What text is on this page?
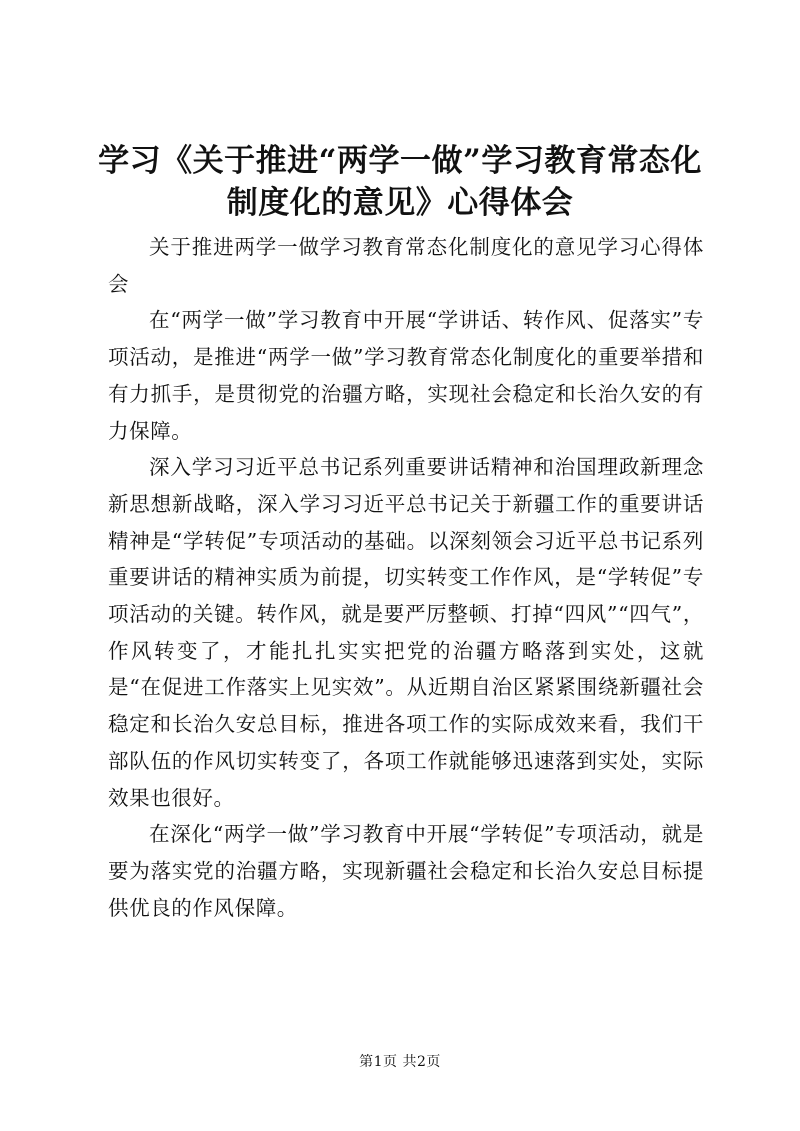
学习《关于推进“两学一做”学习教育常态化
制度化的意见》心得体会

关于推进两学一做学习教育常态化制度化的意见学习心得体会

在“两学一做”学习教育中开展“学讲话、转作风、促落实”专项活动，是推进“两学一做”学习教育常态化制度化的重要举措和有力抓手，是贯彻党的治疆方略，实现社会稳定和长治久安的有力保障。

深入学习习近平总书记系列重要讲话精神和治国理政新理念新思想新战略，深入学习习近平总书记关于新疆工作的重要讲话精神是“学转促”专项活动的基础。以深刻领会习近平总书记系列重要讲话的精神实质为前提，切实转变工作作风，是“学转促”专项活动的关键。转作风，就是要严厉整顿、打掉“四风”“四气”，作风转变了，才能扎扎实实把党的治疆方略落到实处，这就是“在促进工作落实上见实效”。从近期自治区紧紧围绕新疆社会稳定和长治久安总目标，推进各项工作的实际成效来看，我们干部队伍的作风切实转变了，各项工作就能够迅速落到实处，实际效果也很好。

在深化“两学一做”学习教育中开展“学转促”专项活动，就是要为落实党的治疆方略，实现新疆社会稳定和长治久安总目标提供优良的作风保障。

第1页 共2页
